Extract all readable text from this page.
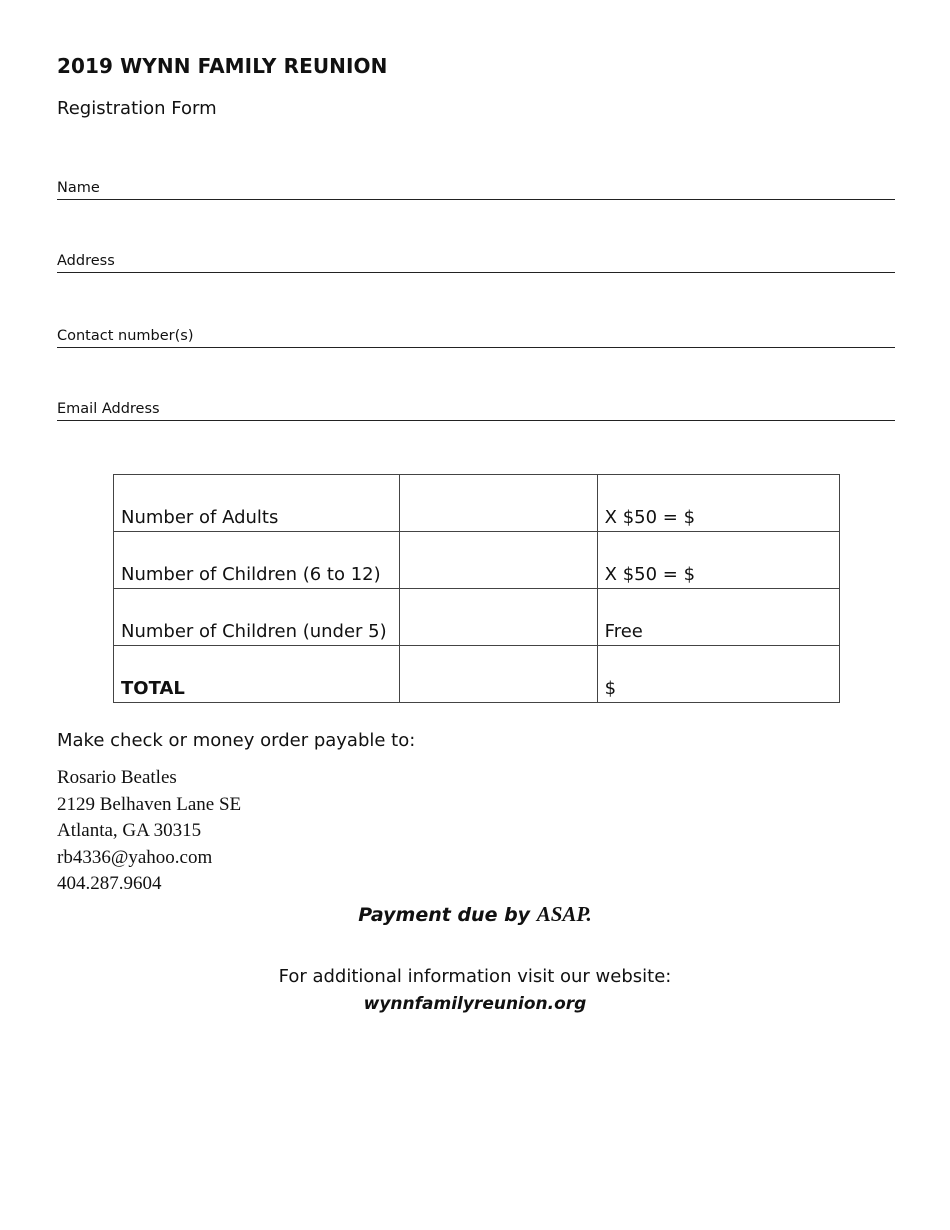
2019 WYNN FAMILY REUNION
Registration Form
Name
Address
Contact number(s)
Email Address
Number of Adults		X $50 = $
Number of Children (6 to 12)		X $50 = $
Number of Children (under 5)		Free
TOTAL		$
Make check or money order payable to:
Rosario Beatles
2129 Belhaven Lane SE
Atlanta, GA 30315
rb4336@yahoo.com
404.287.9604
Payment due by ASAP.
For additional information visit our website:
wynnfamilyreunion.org
